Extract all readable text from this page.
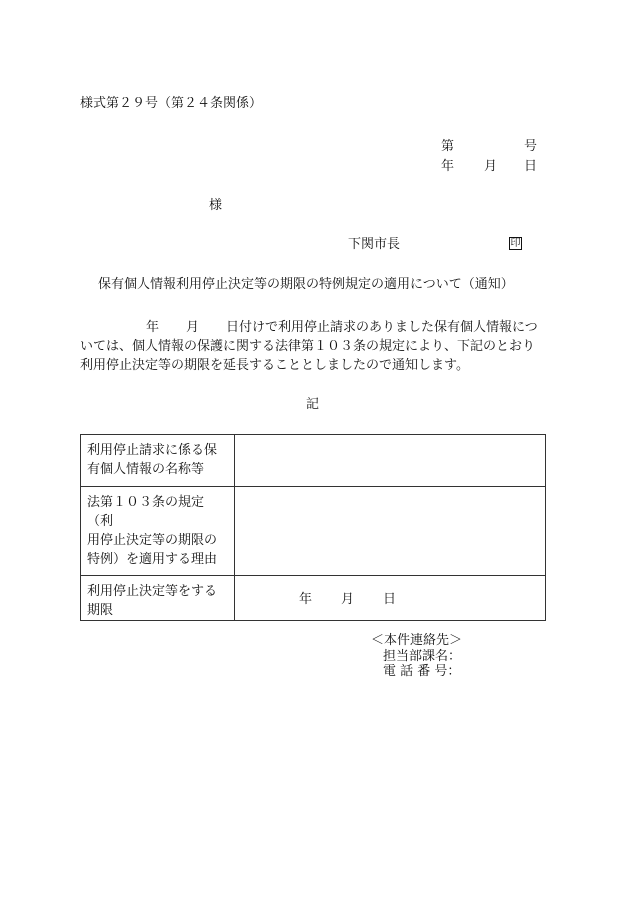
様式第２９号（第２４条関係）
第	号
年 月 日
様
下関市長	印
保有個人情報利用停止決定等の期限の特例規定の適用について（通知）
年 月 日付けで利用停止請求のありました保有個人情報につ
いては、個人情報の保護に関する法律第１０３条の規定により、下記のとおり
利用停止決定等の期限を延長することとしましたので通知します。
記
利用停止請求に係る保
有個人情報の名称等	

法第１０３条の規定（利
用停止決定等の期限の
特例）を適用する理由	

利用停止決定等をする
期限	年 月 日
＜本件連絡先＞
担当部課名：
電 話 番 号：
